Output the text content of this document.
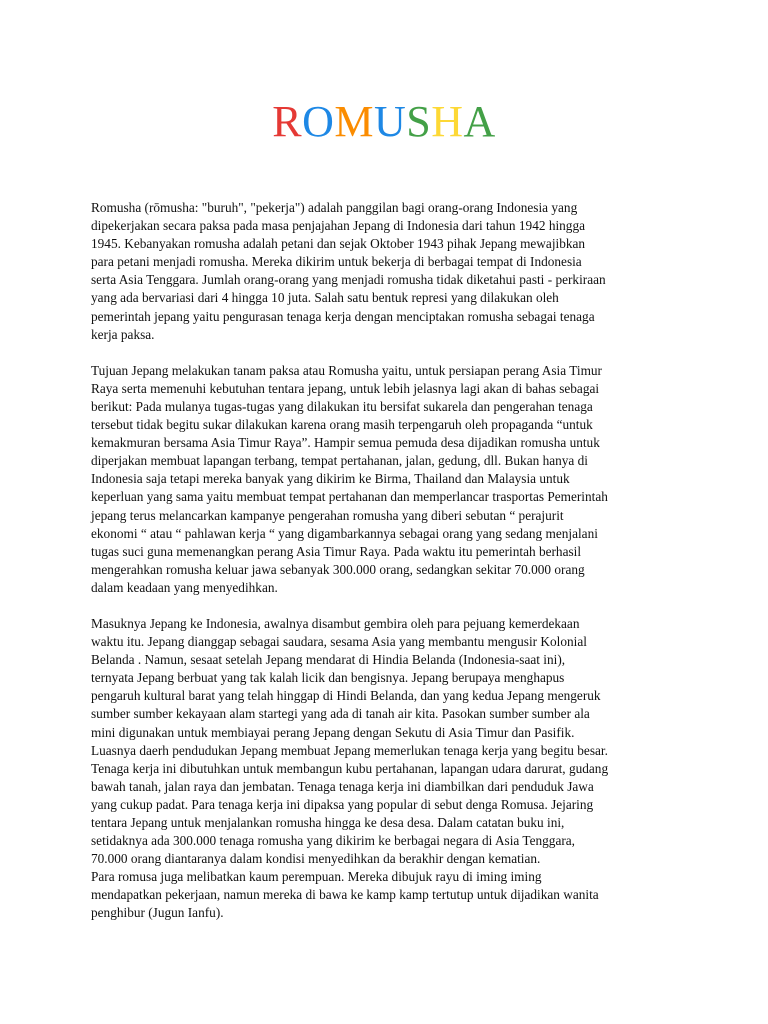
ROMUSHA

Romusha (rōmusha: "buruh", "pekerja") adalah panggilan bagi orang-orang Indonesia yang

dipekerjakan secara paksa pada masa penjajahan Jepang di Indonesia dari tahun 1942 hingga

1945. Kebanyakan romusha adalah petani dan sejak Oktober 1943 pihak Jepang mewajibkan

para petani menjadi romusha. Mereka dikirim untuk bekerja di berbagai tempat di Indonesia

serta Asia Tenggara. Jumlah orang-orang yang menjadi romusha tidak diketahui pasti - perkiraan

yang ada bervariasi dari 4 hingga 10 juta. Salah satu bentuk represi yang dilakukan oleh

pemerintah jepang yaitu pengurasan tenaga kerja dengan menciptakan romusha sebagai tenaga

kerja paksa.

Tujuan Jepang melakukan tanam paksa atau Romusha yaitu, untuk persiapan perang Asia Timur

Raya serta memenuhi kebutuhan tentara jepang, untuk lebih jelasnya lagi akan di bahas sebagai

berikut: Pada mulanya tugas-tugas yang dilakukan itu bersifat sukarela dan pengerahan tenaga

tersebut tidak begitu sukar dilakukan karena orang masih terpengaruh oleh propaganda “untuk

kemakmuran bersama Asia Timur Raya”. Hampir semua pemuda desa dijadikan romusha untuk

diperjakan membuat lapangan terbang, tempat pertahanan, jalan, gedung, dll. Bukan hanya di

Indonesia saja tetapi mereka banyak yang dikirim ke Birma, Thailand dan Malaysia untuk

keperluan yang sama yaitu membuat tempat pertahanan dan memperlancar trasportas Pemerintah

jepang terus melancarkan kampanye pengerahan romusha yang diberi sebutan “ perajurit

ekonomi “ atau “ pahlawan kerja “ yang digambarkannya sebagai orang yang sedang menjalani

tugas suci guna memenangkan perang Asia Timur Raya. Pada waktu itu pemerintah berhasil

mengerahkan romusha keluar jawa sebanyak 300.000 orang, sedangkan sekitar 70.000 orang

dalam keadaan yang menyedihkan.

Masuknya Jepang ke Indonesia, awalnya disambut gembira oleh para pejuang kemerdekaan

waktu itu. Jepang dianggap sebagai saudara, sesama Asia yang membantu mengusir Kolonial

Belanda . Namun, sesaat setelah Jepang mendarat di Hindia Belanda (Indonesia-saat ini),

ternyata Jepang berbuat yang tak kalah licik dan bengisnya. Jepang berupaya menghapus

pengaruh kultural barat yang telah hinggap di Hindi Belanda, dan yang kedua Jepang mengeruk

sumber sumber kekayaan alam startegi yang ada di tanah air kita. Pasokan sumber sumber ala

mini digunakan untuk membiayai perang Jepang dengan Sekutu di Asia Timur dan Pasifik.

Luasnya daerh pendudukan Jepang membuat Jepang memerlukan tenaga kerja yang begitu besar.

Tenaga kerja ini dibutuhkan untuk membangun kubu pertahanan, lapangan udara darurat, gudang

bawah tanah, jalan raya dan jembatan. Tenaga tenaga kerja ini diambilkan dari penduduk Jawa

yang cukup padat. Para tenaga kerja ini dipaksa yang popular di sebut denga Romusa. Jejaring

tentara Jepang untuk menjalankan romusha hingga ke desa desa. Dalam catatan buku ini,

setidaknya ada 300.000 tenaga romusha yang dikirim ke berbagai negara di Asia Tenggara,

70.000 orang diantaranya dalam kondisi menyedihkan da berakhir dengan kematian.

Para romusa juga melibatkan kaum perempuan. Mereka dibujuk rayu di iming iming

mendapatkan pekerjaan, namun mereka di bawa ke kamp kamp tertutup untuk dijadikan wanita

penghibur (Jugun Ianfu).
